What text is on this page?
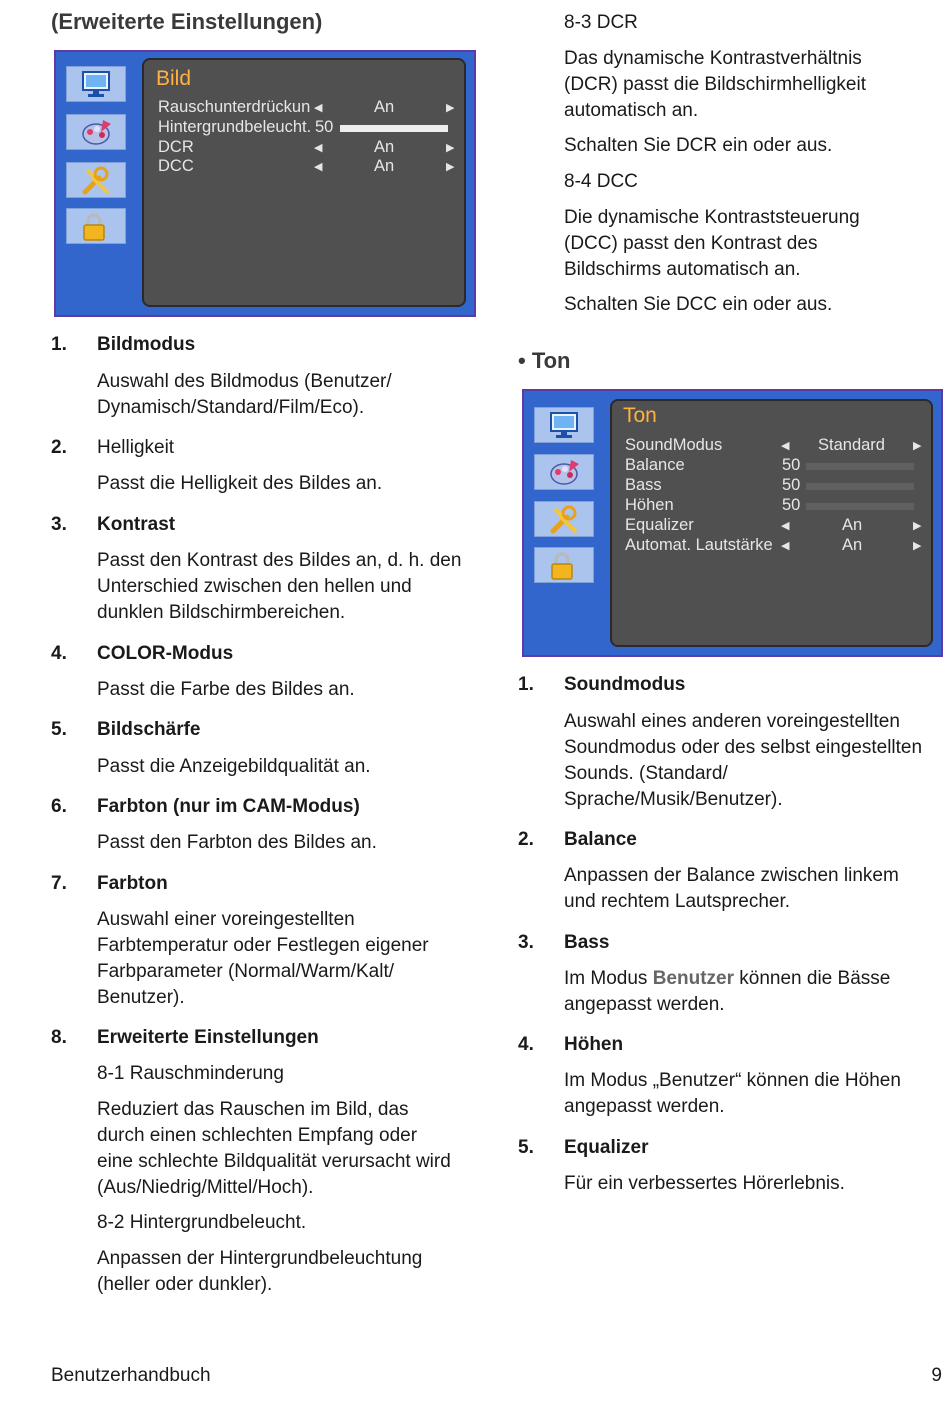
(Erweiterte Einstellungen)
Bild
Rauschunterdrückun ◀	An	▶
Hintergrundbeleucht. 50
DCR	◀	An	▶
DCC	◀	An	▶
1. Bildmodus
Auswahl des Bildmodus (Benutzer/ Dynamisch/Standard/Film/Eco).
2. Helligkeit
Passt die Helligkeit des Bildes an.
3. Kontrast
Passt den Kontrast des Bildes an, d. h. den Unterschied zwischen den hellen und dunklen Bildschirmbereichen.
4. COLOR-Modus
Passt die Farbe des Bildes an.
5. Bildschärfe
Passt die Anzeigebildqualität an.
6. Farbton (nur im CAM-Modus)
Passt den Farbton des Bildes an.
7. Farbton
Auswahl einer voreingestellten Farbtemperatur oder Festlegen eigener Farbparameter (Normal/Warm/Kalt/ Benutzer).
8. Erweiterte Einstellungen
8-1 Rauschminderung
Reduziert das Rauschen im Bild, das durch einen schlechten Empfang oder eine schlechte Bildqualität verursacht wird (Aus/Niedrig/Mittel/Hoch).
8-2 Hintergrundbeleucht.
Anpassen der Hintergrundbeleuchtung (heller oder dunkler).
8-3 DCR
Das dynamische Kontrastverhältnis (DCR) passt die Bildschirmhelligkeit automatisch an.
Schalten Sie DCR ein oder aus.
8-4 DCC
Die dynamische Kontraststeuerung (DCC) passt den Kontrast des Bildschirms automatisch an.
Schalten Sie DCC ein oder aus.
• Ton
Ton
SoundModus	◀ Standard	▶
Balance	50
Bass	50
Höhen	50
Equalizer	◀	An	▶
Automat. Lautstärke ◀	An	▶
1. Soundmodus
Auswahl eines anderen voreingestellten Soundmodus oder des selbst eingestellten Sounds. (Standard/ Sprache/Musik/Benutzer).
2. Balance
Anpassen der Balance zwischen linkem und rechtem Lautsprecher.
3. Bass
Im Modus Benutzer können die Bässe angepasst werden.
4. Höhen
Im Modus „Benutzer“ können die Höhen angepasst werden.
5. Equalizer
Für ein verbessertes Hörerlebnis.
Benutzerhandbuch	9
